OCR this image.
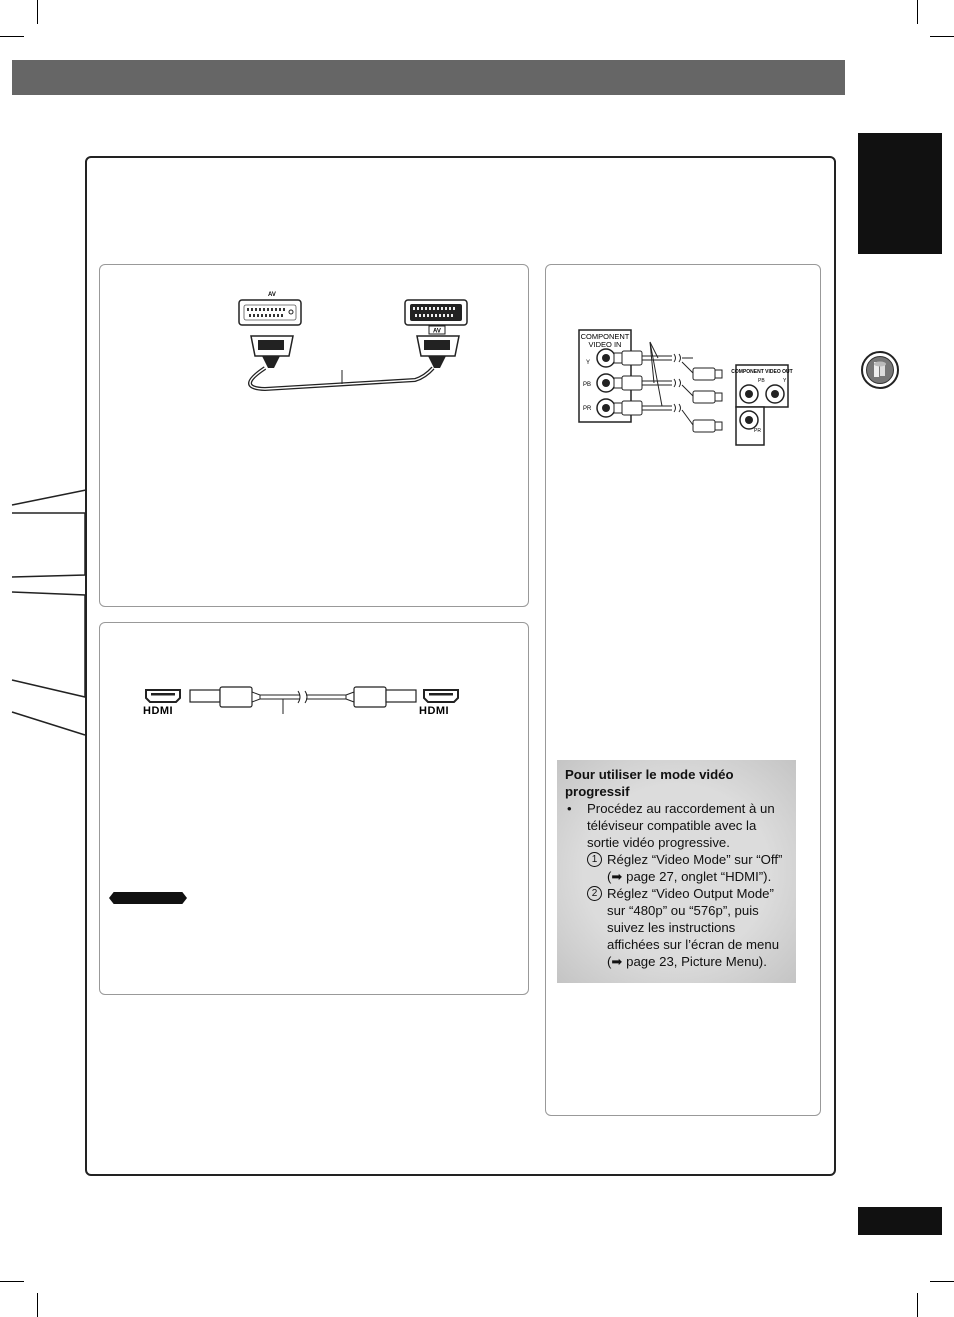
AV
AV
HDMI	HDMI
COMPONENT
VIDEO IN
Y
PB
PR
COMPONENT VIDEO OUT
PB	Y
PR

Pour utiliser le mode vidéo progressif

• Procédez au raccordement à un téléviseur compatible avec la sortie vidéo progressive.
1 Réglez “Video Mode” sur “Off” (➡ page 27, onglet “HDMI”).
2 Réglez “Video Output Mode” sur “480p” ou “576p”, puis suivez les instructions affichées sur l’écran de menu (➡ page 23, Picture Menu).
